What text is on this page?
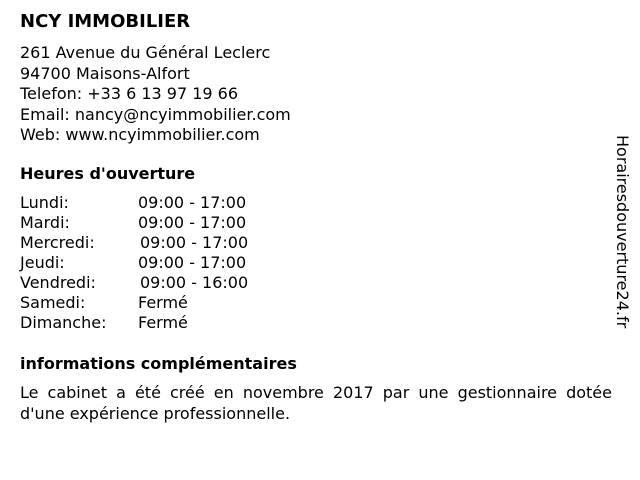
NCY IMMOBILIER
261 Avenue du Général Leclerc
94700 Maisons-Alfort
Telefon: +33 6 13 97 19 66
Email: nancy@ncyimmobilier.com
Web: www.ncyimmobilier.com
Heures d'ouverture
Lundi:	09:00 - 17:00
Mardi:	09:00 - 17:00
Mercredi:	09:00 - 17:00
Jeudi:	09:00 - 17:00
Vendredi:	09:00 - 16:00
Samedi:	Fermé
Dimanche: Fermé
informations complémentaires
Le cabinet a été créé en novembre 2017 par une gestionnaire dotée d'une expérience professionnelle.
Horairesdouverture24.fr
